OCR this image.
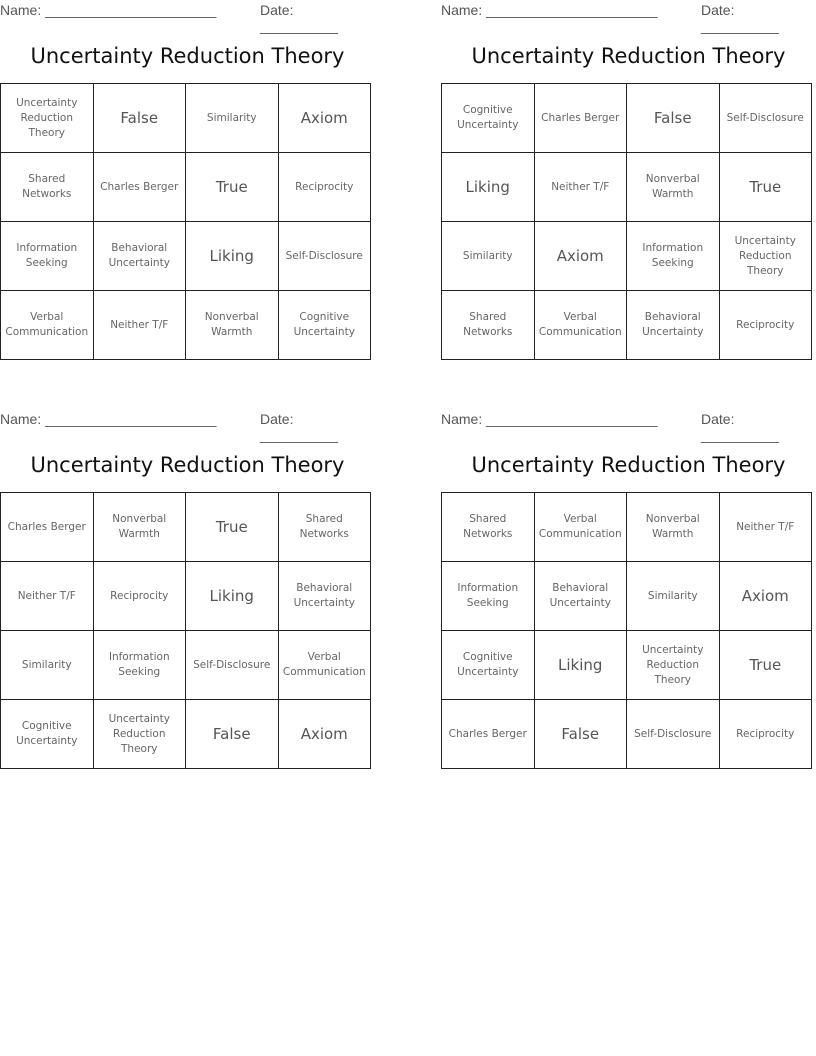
Name: ______________________	Date: __________
Uncertainty Reduction Theory
Uncertainty Reduction Theory	False	Similarity	Axiom
Shared Networks	Charles Berger	True	Reciprocity
Information Seeking	Behavioral Uncertainty	Liking	Self-Disclosure
Verbal Communication	Neither T/F	Nonverbal Warmth	Cognitive Uncertainty
Name: ______________________	Date: __________
Uncertainty Reduction Theory
Cognitive Uncertainty	Charles Berger	False	Self-Disclosure
Liking	Neither T/F	Nonverbal Warmth	True
Similarity	Axiom	Information Seeking	Uncertainty Reduction Theory
Shared Networks	Verbal Communication	Behavioral Uncertainty	Reciprocity
Name: ______________________	Date: __________
Uncertainty Reduction Theory
Charles Berger	Nonverbal Warmth	True	Shared Networks
Neither T/F	Reciprocity	Liking	Behavioral Uncertainty
Similarity	Information Seeking	Self-Disclosure	Verbal Communication
Cognitive Uncertainty	Uncertainty Reduction Theory	False	Axiom
Name: ______________________	Date: __________
Uncertainty Reduction Theory
Shared Networks	Verbal Communication	Nonverbal Warmth	Neither T/F
Information Seeking	Behavioral Uncertainty	Similarity	Axiom
Cognitive Uncertainty	Liking	Uncertainty Reduction Theory	True
Charles Berger	False	Self-Disclosure	Reciprocity
